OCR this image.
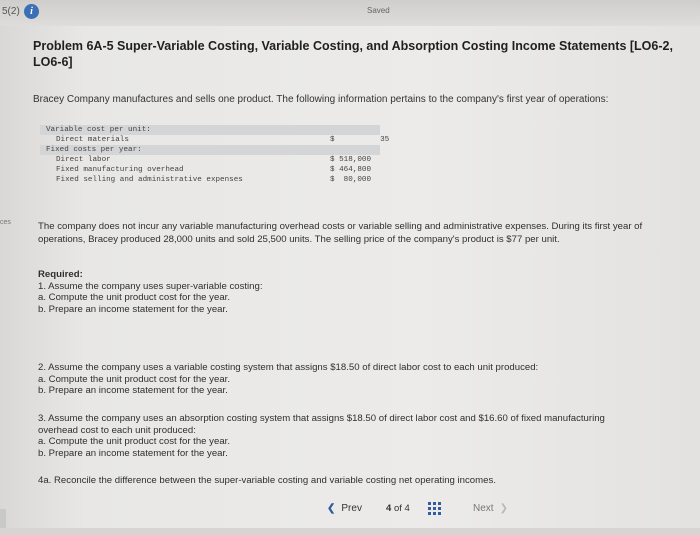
5(2)	i	Saved
ces
Problem 6A-5 Super-Variable Costing, Variable Costing, and Absorption Costing Income Statements [LO6-2, LO6-6]
Bracey Company manufactures and sells one product. The following information pertains to the company's first year of operations:
Variable cost per unit:
Direct materials	$          35
Fixed costs per year:
Direct labor	$ 518,000
Fixed manufacturing overhead	$ 464,800
Fixed selling and administrative expenses	$  80,000
The company does not incur any variable manufacturing overhead costs or variable selling and administrative expenses. During its first year of operations, Bracey produced 28,000 units and sold 25,500 units. The selling price of the company's product is $77 per unit.
Required:
1. Assume the company uses super-variable costing:
a. Compute the unit product cost for the year.
b. Prepare an income statement for the year.
2. Assume the company uses a variable costing system that assigns $18.50 of direct labor cost to each unit produced:
a. Compute the unit product cost for the year.
b. Prepare an income statement for the year.
3. Assume the company uses an absorption costing system that assigns $18.50 of direct labor cost and $16.60 of fixed manufacturing overhead cost to each unit produced:
a. Compute the unit product cost for the year.
b. Prepare an income statement for the year.
4a. Reconcile the difference between the super-variable costing and variable costing net operating incomes.
❮ Prev	4 of 4	Next ❯
